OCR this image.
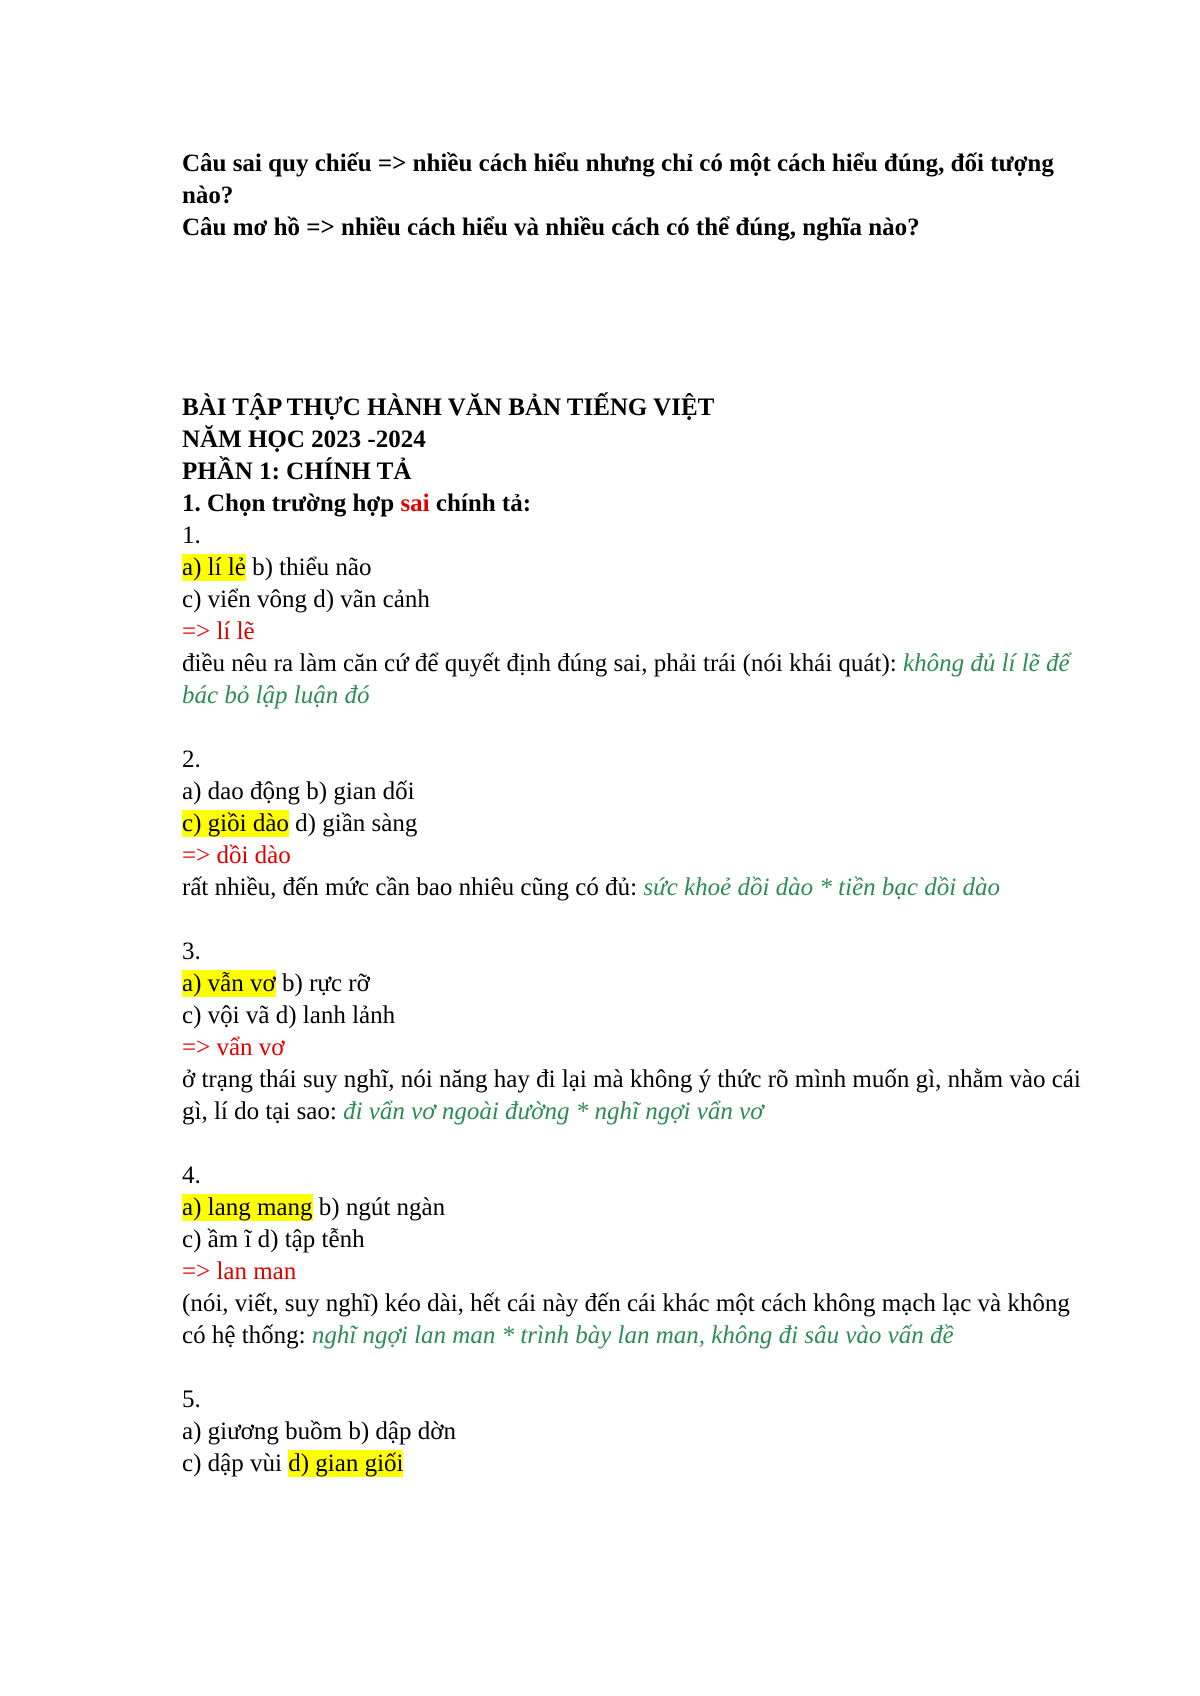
Câu sai quy chiếu => nhiều cách hiểu nhưng chỉ có một cách hiểu đúng, đối tượng nào?

Câu mơ hồ => nhiều cách hiểu và nhiều cách có thể đúng, nghĩa nào?

BÀI TẬP THỰC HÀNH VĂN BẢN TIẾNG VIỆT

NĂM HỌC 2023 -2024

PHẦN 1: CHÍNH TẢ

1. Chọn trường hợp sai chính tả:

1.

a) lí lẻ b) thiểu não

c) viển vông d) vãn cảnh

=> lí lẽ

điều nêu ra làm căn cứ để quyết định đúng sai, phải trái (nói khái quát): không đủ lí lẽ để bác bỏ lập luận đó

2.

a) dao động b) gian dối

c) giồi dào d) giần sàng

=> dồi dào

rất nhiều, đến mức cần bao nhiêu cũng có đủ: sức khoẻ dồi dào * tiền bạc dồi dào

3.

a) vẫn vơ b) rực rỡ

c) vội vã d) lanh lảnh

=> vẩn vơ

ở trạng thái suy nghĩ, nói năng hay đi lại mà không ý thức rõ mình muốn gì, nhằm vào cái gì, lí do tại sao: đi vẩn vơ ngoài đường * nghĩ ngợi vẩn vơ

4.

a) lang mang b) ngút ngàn

c) ầm ĩ d) tập tễnh

=> lan man

(nói, viết, suy nghĩ) kéo dài, hết cái này đến cái khác một cách không mạch lạc và không có hệ thống: nghĩ ngợi lan man * trình bày lan man, không đi sâu vào vấn đề

5.

a) giương buồm b) dập dờn

c) dập vùi d) gian giối
